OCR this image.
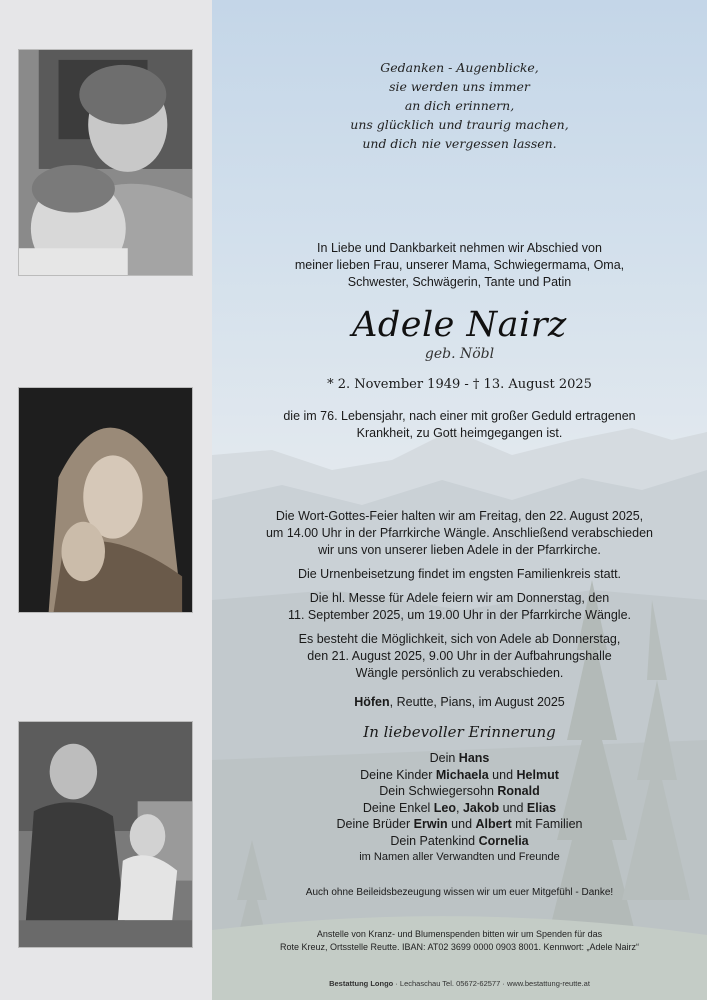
Gedanken - Augenblicke,
sie werden uns immer
an dich erinnern,
uns glücklich und traurig machen,
und dich nie vergessen lassen.
In Liebe und Dankbarkeit nehmen wir Abschied von
meiner lieben Frau, unserer Mama, Schwiegermama, Oma,
Schwester, Schwägerin, Tante und Patin
Adele Nairz
geb. Nöbl
* 2. November 1949 - † 13. August 2025
die im 76. Lebensjahr, nach einer mit großer Geduld ertragenen
Krankheit, zu Gott heimgegangen ist.
Die Wort-Gottes-Feier halten wir am Freitag, den 22. August 2025,
um 14.00 Uhr in der Pfarrkirche Wängle. Anschließend verabschieden
wir uns von unserer lieben Adele in der Pfarrkirche.
Die Urnenbeisetzung findet im engsten Familienkreis statt.
Die hl. Messe für Adele feiern wir am Donnerstag, den
11. September 2025, um 19.00 Uhr in der Pfarrkirche Wängle.
Es besteht die Möglichkeit, sich von Adele ab Donnerstag,
den 21. August 2025, 9.00 Uhr in der Aufbahrungshalle
Wängle persönlich zu verabschieden.
Höfen, Reutte, Pians, im August 2025
In liebevoller Erinnerung
Dein Hans
Deine Kinder Michaela und Helmut
Dein Schwiegersohn Ronald
Deine Enkel Leo, Jakob und Elias
Deine Brüder Erwin und Albert mit Familien
Dein Patenkind Cornelia
im Namen aller Verwandten und Freunde
Auch ohne Beileidsbezeugung wissen wir um euer Mitgefühl - Danke!
Anstelle von Kranz- und Blumenspenden bitten wir um Spenden für das
Rote Kreuz, Ortsstelle Reutte. IBAN: AT02 3699 0000 0903 8001. Kennwort: „Adele Nairz“
Bestattung Longo · Lechaschau Tel. 05672-62577 · www.bestattung-reutte.at
